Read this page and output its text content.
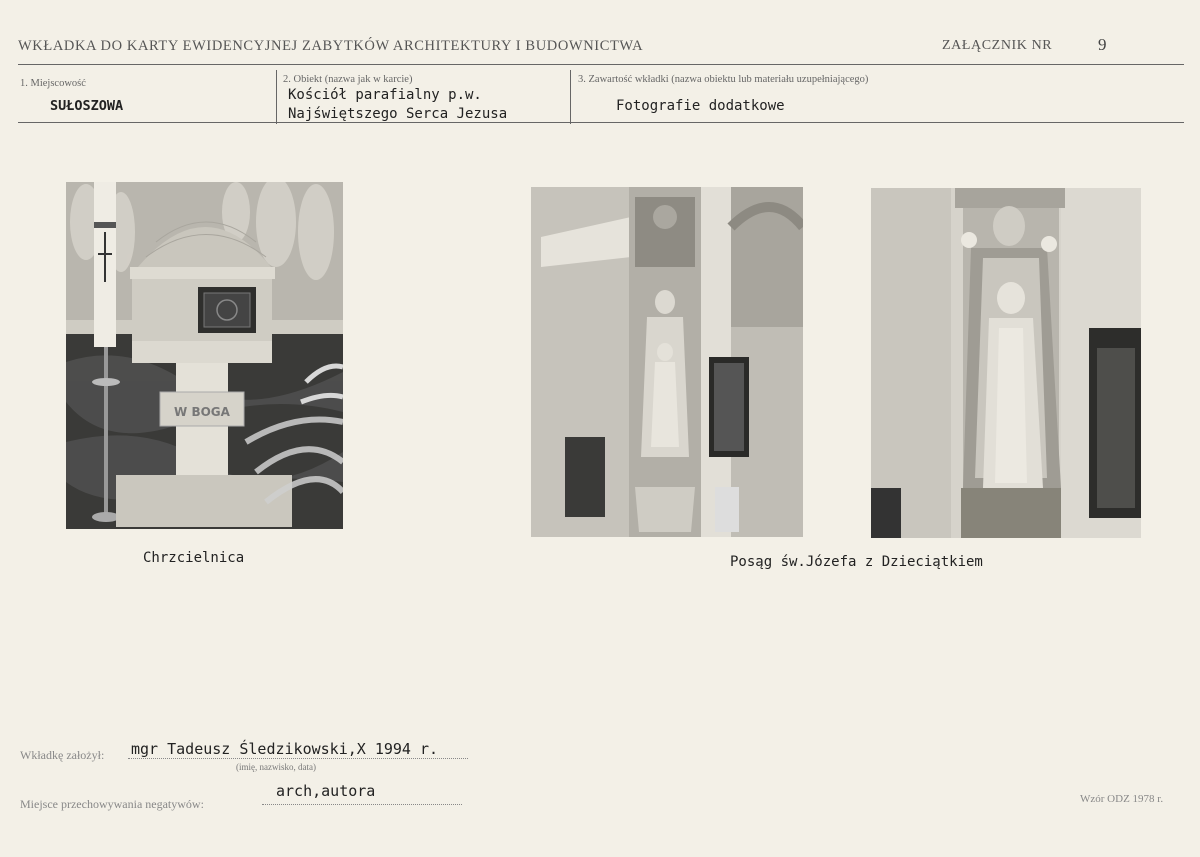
WKŁADKA DO KARTY EWIDENCYJNEJ ZABYTKÓW ARCHITEKTURY I BUDOWNICTWA	ZAŁĄCZNIK NR	9
1. Miejscowość
SUŁOSZOWA
2. Obiekt (nazwa jak w karcie)
Kościół parafialny p.w.
Najświętszego Serca Jezusa
3. Zawartość wkładki (nazwa obiektu lub materiału uzupełniającego)
Fotografie dodatkowe
W BOGA
Chrzcielnica	Posąg św.Józefa z Dzieciątkiem
Wkładkę założył: mgr Tadeusz Śledzikowski,X 1994 r.
(imię, nazwisko, data)
Miejsce przechowywania negatywów:
arch,autora	Wzór ODZ 1978 r.
